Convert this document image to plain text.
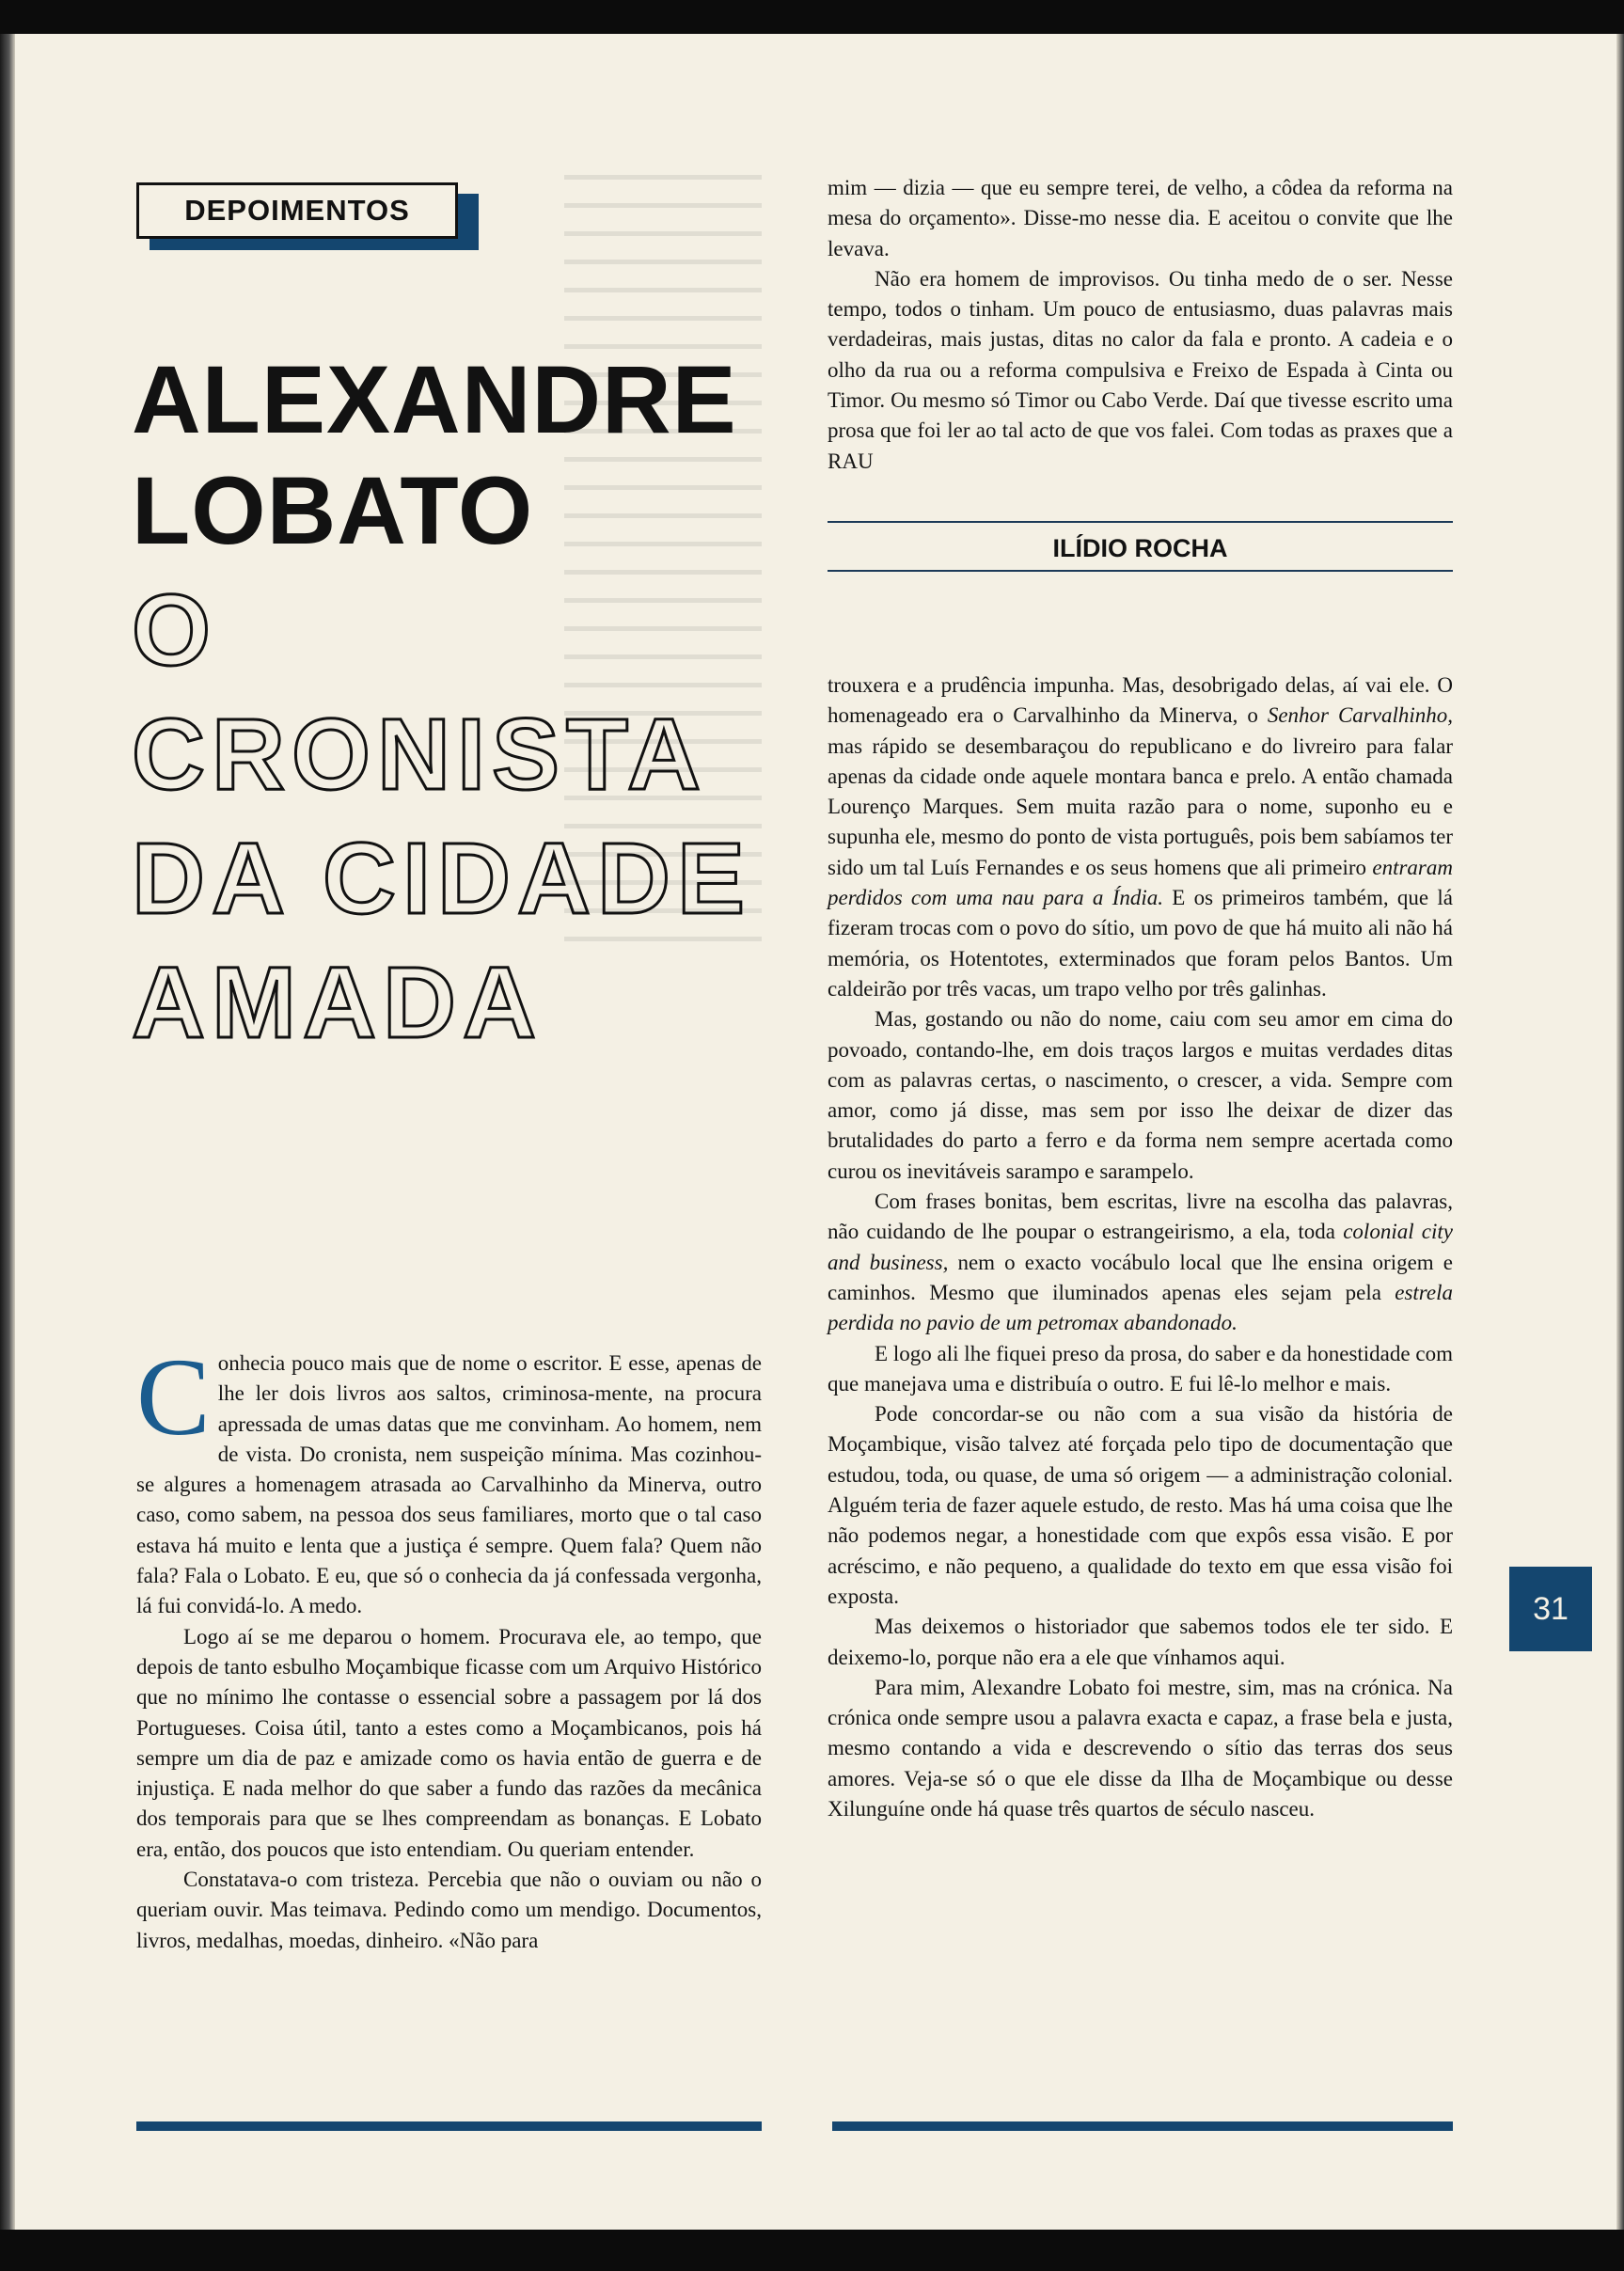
DEPOIMENTOS
ALEXANDRE
LOBATO
O
CRONISTA
DA CIDADE
AMADA

Conhecia pouco mais que de nome o escritor. E esse, apenas de lhe ler dois livros aos saltos, criminosa-mente, na procura apressada de umas datas que me convinham. Ao homem, nem de vista. Do cronista, nem suspeição mínima. Mas cozinhou-se algures a homenagem atrasada ao Carvalhinho da Minerva, outro caso, como sabem, na pessoa dos seus familiares, morto que o tal caso estava há muito e lenta que a justiça é sempre. Quem fala? Quem não fala? Fala o Lobato. E eu, que só o conhecia da já confessada vergonha, lá fui convidá-lo. A medo.

Logo aí se me deparou o homem. Procurava ele, ao tempo, que depois de tanto esbulho Moçambique ficasse com um Arquivo Histórico que no mínimo lhe contasse o essencial sobre a passagem por lá dos Portugueses. Coisa útil, tanto a estes como a Moçambicanos, pois há sempre um dia de paz e amizade como os havia então de guerra e de injustiça. E nada melhor do que saber a fundo das razões da mecânica dos temporais para que se lhes compreendam as bonanças. E Lobato era, então, dos poucos que isto entendiam. Ou queriam entender.

Constatava-o com tristeza. Percebia que não o ouviam ou não o queriam ouvir. Mas teimava. Pedindo como um mendigo. Documentos, livros, medalhas, moedas, dinheiro. «Não para

mim — dizia — que eu sempre terei, de velho, a côdea da reforma na mesa do orçamento». Disse-mo nesse dia. E aceitou o convite que lhe levava.

Não era homem de improvisos. Ou tinha medo de o ser. Nesse tempo, todos o tinham. Um pouco de entusiasmo, duas palavras mais verdadeiras, mais justas, ditas no calor da fala e pronto. A cadeia e o olho da rua ou a reforma compulsiva e Freixo de Espada à Cinta ou Timor. Ou mesmo só Timor ou Cabo Verde. Daí que tivesse escrito uma prosa que foi ler ao tal acto de que vos falei. Com todas as praxes que a RAU

ILÍDIO ROCHA

trouxera e a prudência impunha. Mas, desobrigado delas, aí vai ele. O homenageado era o Carvalhinho da Minerva, o Senhor Carvalhinho, mas rápido se desembaraçou do republicano e do livreiro para falar apenas da cidade onde aquele montara banca e prelo. A então chamada Lourenço Marques. Sem muita razão para o nome, suponho eu e supunha ele, mesmo do ponto de vista português, pois bem sabíamos ter sido um tal Luís Fernandes e os seus homens que ali primeiro entraram perdidos com uma nau para a Índia. E os primeiros também, que lá fizeram trocas com o povo do sítio, um povo de que há muito ali não há memória, os Hotentotes, exterminados que foram pelos Bantos. Um caldeirão por três vacas, um trapo velho por três galinhas.

Mas, gostando ou não do nome, caiu com seu amor em cima do povoado, contando-lhe, em dois traços largos e muitas verdades ditas com as palavras certas, o nascimento, o crescer, a vida. Sempre com amor, como já disse, mas sem por isso lhe deixar de dizer das brutalidades do parto a ferro e da forma nem sempre acertada como curou os inevitáveis sarampo e sarampelo.

Com frases bonitas, bem escritas, livre na escolha das palavras, não cuidando de lhe poupar o estrangeirismo, a ela, toda colonial city and business, nem o exacto vocábulo local que lhe ensina origem e caminhos. Mesmo que iluminados apenas eles sejam pela estrela perdida no pavio de um petromax abandonado.

E logo ali lhe fiquei preso da prosa, do saber e da honestidade com que manejava uma e distribuía o outro. E fui lê-lo melhor e mais.

Pode concordar-se ou não com a sua visão da história de Moçambique, visão talvez até forçada pelo tipo de documentação que estudou, toda, ou quase, de uma só origem — a administração colonial. Alguém teria de fazer aquele estudo, de resto. Mas há uma coisa que lhe não podemos negar, a honestidade com que expôs essa visão. E por acréscimo, e não pequeno, a qualidade do texto em que essa visão foi exposta.

Mas deixemos o historiador que sabemos todos ele ter sido. E deixemo-lo, porque não era a ele que vínhamos aqui.

Para mim, Alexandre Lobato foi mestre, sim, mas na crónica. Na crónica onde sempre usou a palavra exacta e capaz, a frase bela e justa, mesmo contando a vida e descrevendo o sítio das terras dos seus amores. Veja-se só o que ele disse da Ilha de Moçambique ou desse Xilunguíne onde há quase três quartos de século nasceu.

31
